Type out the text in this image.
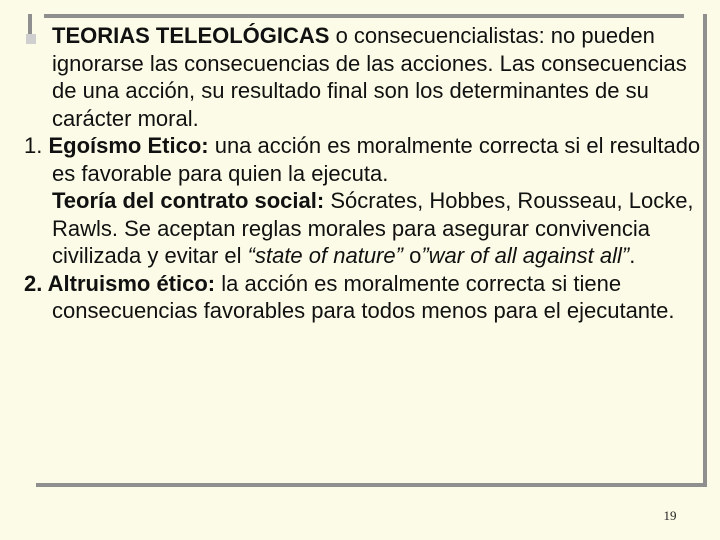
TEORIAS TELEOLÓGICAS o consecuencialistas: no pueden ignorarse las consecuencias de las acciones. Las consecuencias de una acción, su resultado final son los determinantes de su carácter moral.

1. Egoísmo Etico: una acción es moralmente correcta si el resultado es favorable para quien la ejecuta.

Teoría del contrato social: Sócrates, Hobbes, Rousseau, Locke, Rawls. Se aceptan reglas morales para asegurar convivencia civilizada y evitar el “state of nature” o”war of all against all”.

2. Altruismo ético: la acción es moralmente correcta si tiene consecuencias favorables para todos menos para el ejecutante.

19
